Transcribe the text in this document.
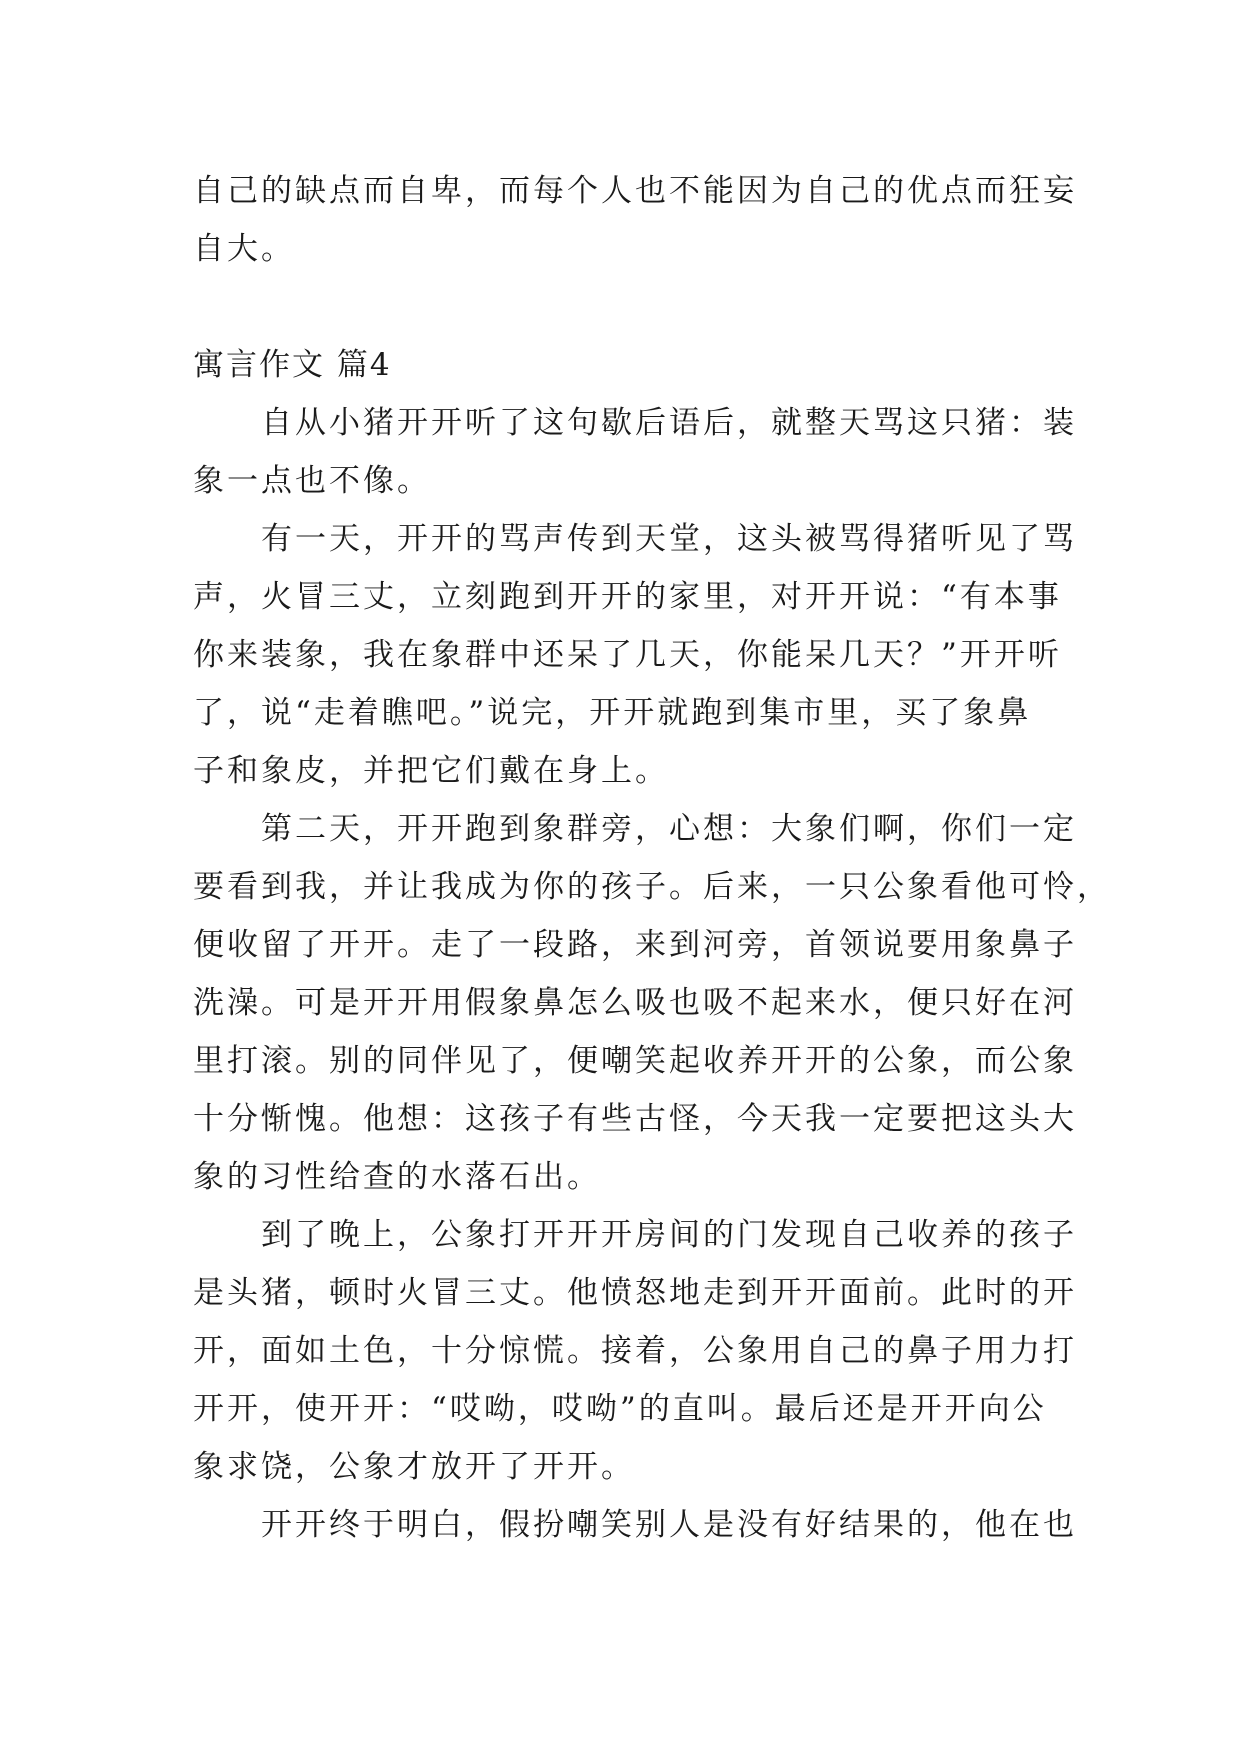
自己的缺点而自卑，而每个人也不能因为自己的优点而狂妄
自大。

寓言作文 篇4

自从小猪开开听了这句歇后语后，就整天骂这只猪：装
象一点也不像。

有一天，开开的骂声传到天堂，这头被骂得猪听见了骂
声，火冒三丈，立刻跑到开开的家里，对开开说：“有本事
你来装象，我在象群中还呆了几天，你能呆几天？”开开听
了，说“走着瞧吧。”说完，开开就跑到集市里，买了象鼻
子和象皮，并把它们戴在身上。

第二天，开开跑到象群旁，心想：大象们啊，你们一定
要看到我，并让我成为你的孩子。后来，一只公象看他可怜，
便收留了开开。走了一段路，来到河旁，首领说要用象鼻子
洗澡。可是开开用假象鼻怎么吸也吸不起来水，便只好在河
里打滚。别的同伴见了，便嘲笑起收养开开的公象，而公象
十分惭愧。他想：这孩子有些古怪，今天我一定要把这头大
象的习性给查的水落石出。

到了晚上，公象打开开开房间的门发现自己收养的孩子
是头猪，顿时火冒三丈。他愤怒地走到开开面前。此时的开
开，面如土色，十分惊慌。接着，公象用自己的鼻子用力打
开开，使开开：“哎呦，哎呦”的直叫。最后还是开开向公
象求饶，公象才放开了开开。

开开终于明白，假扮嘲笑别人是没有好结果的，他在也
